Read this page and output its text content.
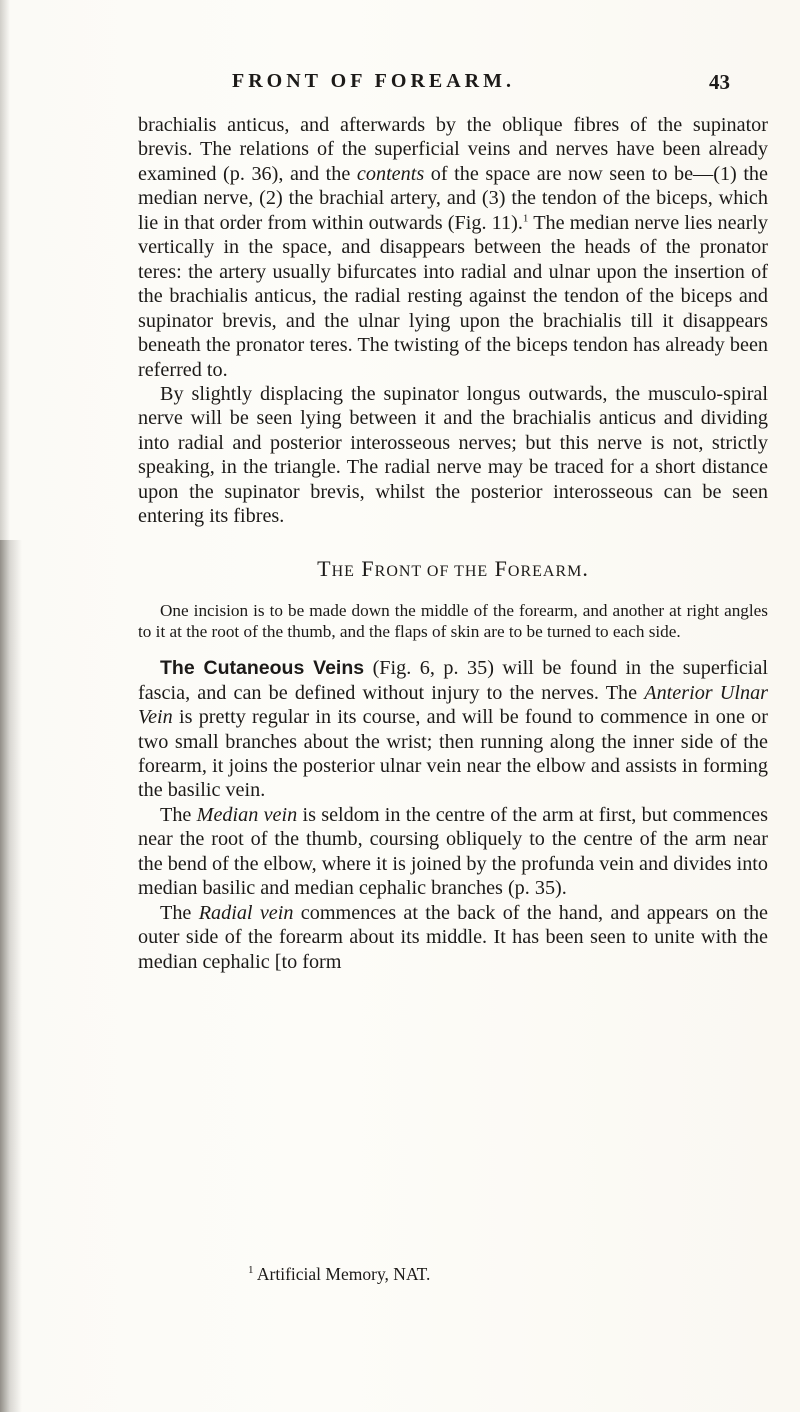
FRONT OF FOREARM.	43

brachialis anticus, and afterwards by the oblique fibres of the supinator brevis. The relations of the superficial veins and nerves have been already examined (p. 36), and the contents of the space are now seen to be—(1) the median nerve, (2) the brachial artery, and (3) the tendon of the biceps, which lie in that order from within outwards (Fig. 11).$^1$ The median nerve lies nearly vertically in the space, and disappears between the heads of the pronator teres: the artery usually bifurcates into radial and ulnar upon the insertion of the brachialis anticus, the radial resting against the tendon of the biceps and supinator brevis, and the ulnar lying upon the brachialis till it disappears beneath the pronator teres. The twisting of the biceps tendon has already been referred to.

By slightly displacing the supinator longus outwards, the musculo-spiral nerve will be seen lying between it and the brachialis anticus and dividing into radial and posterior interosseous nerves; but this nerve is not, strictly speaking, in the triangle. The radial nerve may be traced for a short distance upon the supinator brevis, whilst the posterior interosseous can be seen entering its fibres.

THE FRONT OF THE FOREARM.

One incision is to be made down the middle of the forearm, and another at right angles to it at the root of the thumb, and the flaps of skin are to be turned to each side.

The Cutaneous Veins (Fig. 6, p. 35) will be found in the superficial fascia, and can be defined without injury to the nerves. The Anterior Ulnar Vein is pretty regular in its course, and will be found to commence in one or two small branches about the wrist; then running along the inner side of the forearm, it joins the posterior ulnar vein near the elbow and assists in forming the basilic vein.

The Median vein is seldom in the centre of the arm at first, but commences near the root of the thumb, coursing obliquely to the centre of the arm near the bend of the elbow, where it is joined by the profunda vein and divides into median basilic and median cephalic branches (p. 35).

The Radial vein commences at the back of the hand, and appears on the outer side of the forearm about its middle. It has been seen to unite with the median cephalic [to form

$^1$ Artificial Memory, NAT.
